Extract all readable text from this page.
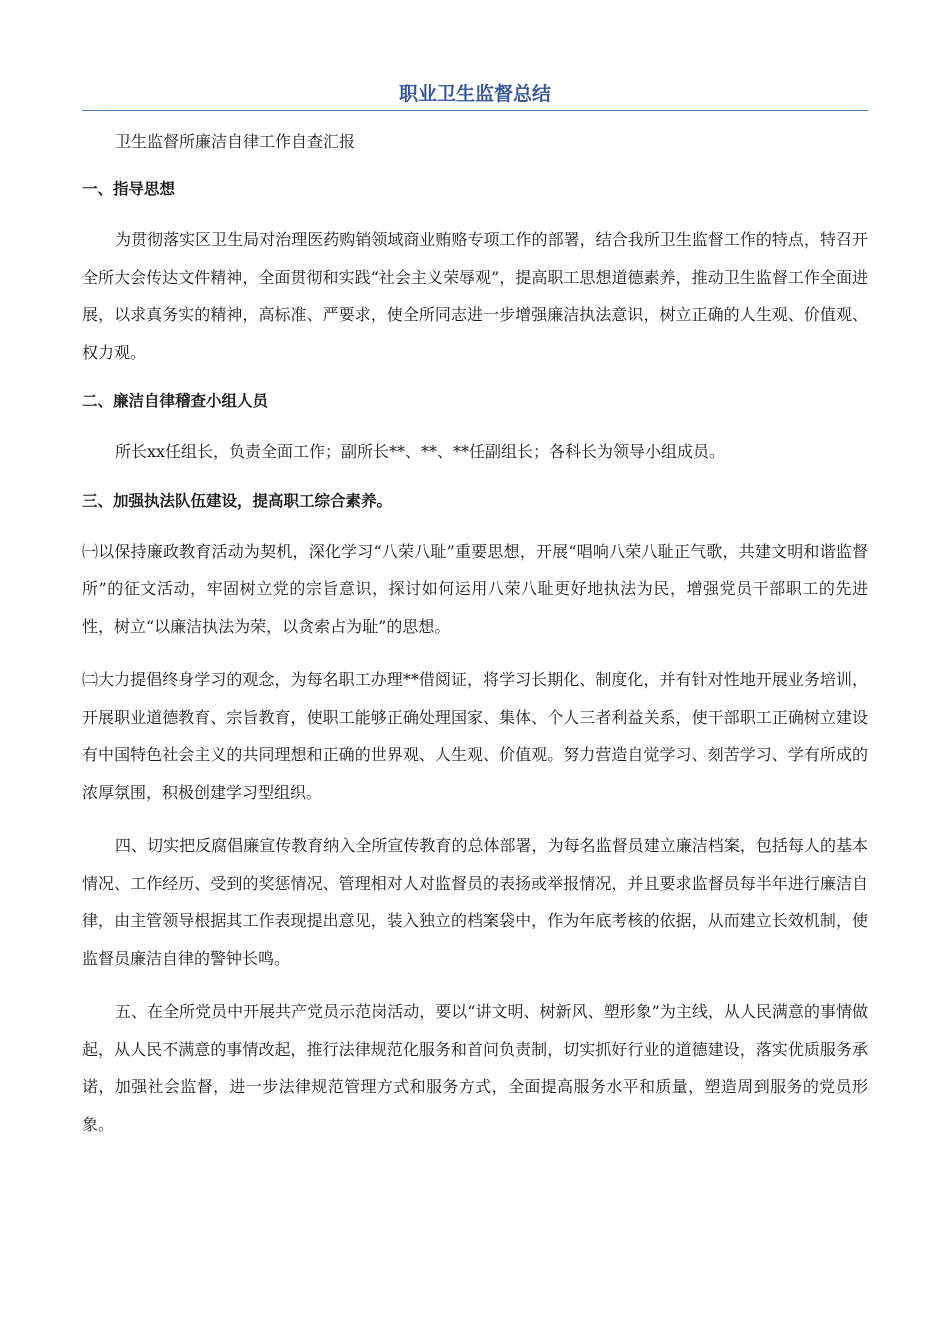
职业卫生监督总结

卫生监督所廉洁自律工作自查汇报

一、指导思想

为贯彻落实区卫生局对治理医药购销领域商业贿赂专项工作的部署，结合我所卫生监督工作的特点，特召开全所大会传达文件精神，全面贯彻和实践“社会主义荣辱观”，提高职工思想道德素养，推动卫生监督工作全面进展，以求真务实的精神，高标准、严要求，使全所同志进一步增强廉洁执法意识，树立正确的人生观、价值观、权力观。

二、廉洁自律稽查小组人员

所长xx任组长，负责全面工作；副所长**、**、**任副组长；各科长为领导小组成员。

三、加强执法队伍建设，提高职工综合素养。

㈠以保持廉政教育活动为契机，深化学习“八荣八耻”重要思想，开展“唱响八荣八耻正气歌，共建文明和谐监督所”的征文活动，牢固树立党的宗旨意识，探讨如何运用八荣八耻更好地执法为民，增强党员干部职工的先进性，树立“以廉洁执法为荣，以贪索占为耻”的思想。

㈡大力提倡终身学习的观念，为每名职工办理**借阅证，将学习长期化、制度化，并有针对性地开展业务培训，开展职业道德教育、宗旨教育，使职工能够正确处理国家、集体、个人三者利益关系，使干部职工正确树立建设有中国特色社会主义的共同理想和正确的世界观、人生观、价值观。努力营造自觉学习、刻苦学习、学有所成的浓厚氛围，积极创建学习型组织。

四、切实把反腐倡廉宣传教育纳入全所宣传教育的总体部署，为每名监督员建立廉洁档案，包括每人的基本情况、工作经历、受到的奖惩情况、管理相对人对监督员的表扬或举报情况，并且要求监督员每半年进行廉洁自律，由主管领导根据其工作表现提出意见，装入独立的档案袋中，作为年底考核的依据，从而建立长效机制，使监督员廉洁自律的警钟长鸣。

五、在全所党员中开展共产党员示范岗活动，要以“讲文明、树新风、塑形象”为主线，从人民满意的事情做起，从人民不满意的事情改起，推行法律规范化服务和首问负责制，切实抓好行业的道德建设，落实优质服务承诺，加强社会监督，进一步法律规范管理方式和服务方式，全面提高服务水平和质量，塑造周到服务的党员形象。
